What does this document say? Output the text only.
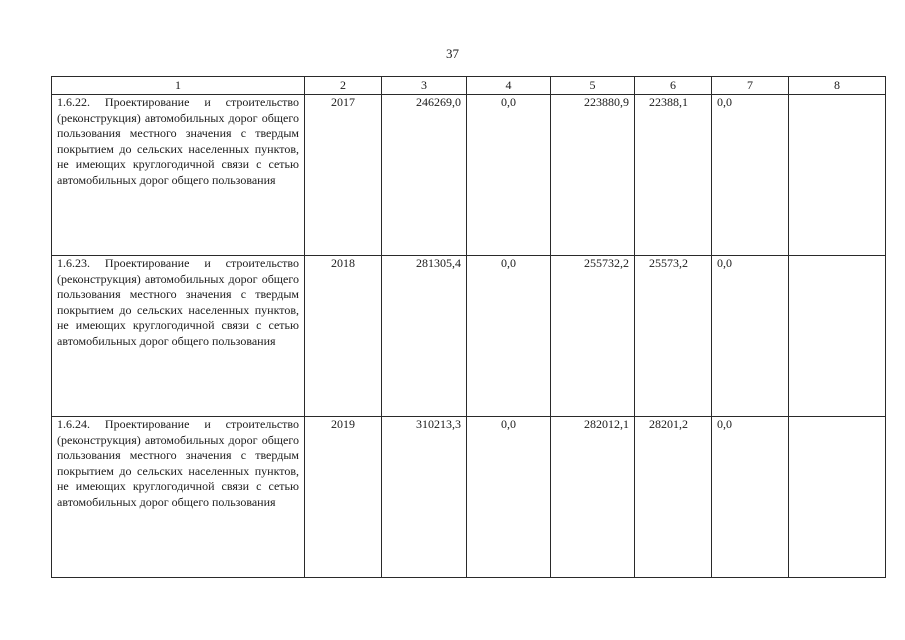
37
1	2	3	4	5	6	7	8
1.6.22. Проектирование и строительство (реконструкция) автомобильных дорог общего пользования местного значения с твердым покрытием до сельских населенных пунктов, не имеющих круглогодичной связи с сетью автомобильных дорог общего пользования	2017	246269,0	0,0	223880,9	22388,1	0,0	
1.6.23. Проектирование и строительство (реконструкция) автомобильных дорог общего пользования местного значения с твердым покрытием до сельских населенных пунктов, не имеющих круглогодичной связи с сетью автомобильных дорог общего пользования	2018	281305,4	0,0	255732,2	25573,2	0,0	
1.6.24. Проектирование и строительство (реконструкция) автомобильных дорог общего пользования местного значения с твердым покрытием до сельских населенных пунктов, не имеющих круглогодичной связи с сетью автомобильных дорог общего пользования	2019	310213,3	0,0	282012,1	28201,2	0,0	
